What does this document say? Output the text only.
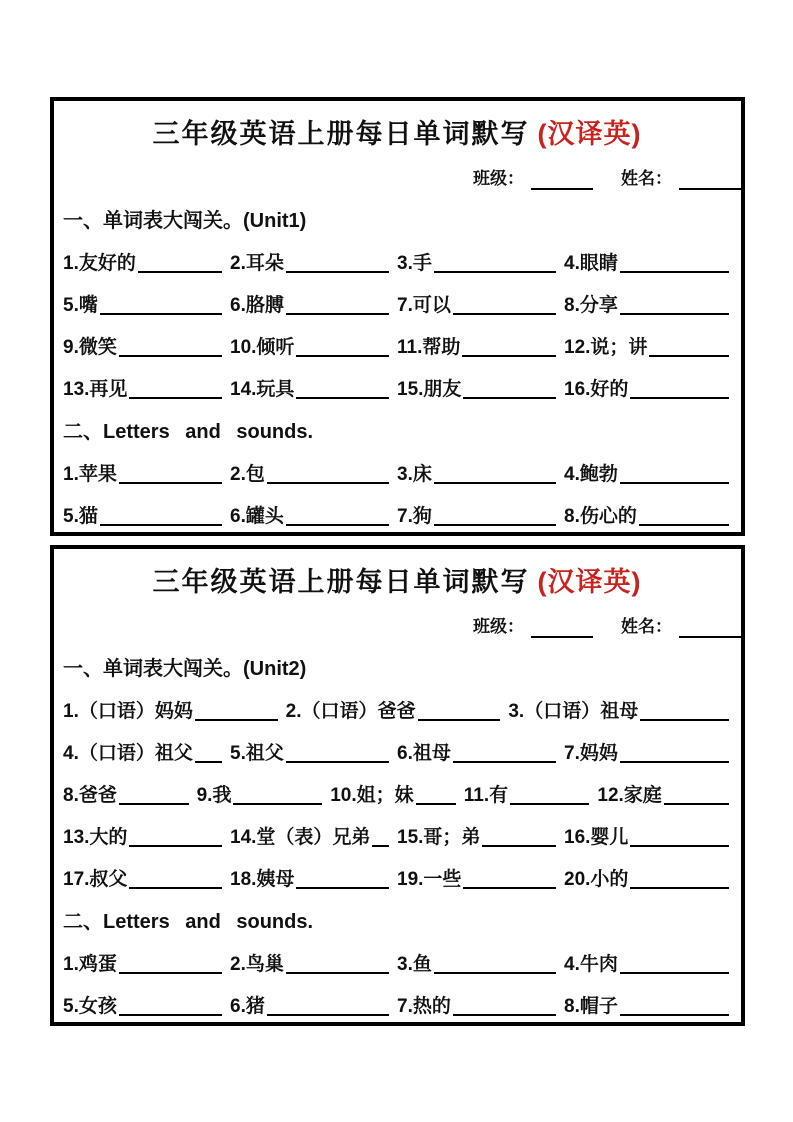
三年级英语上册每日单词默写 (汉译英)
班级：	姓名：
一、单词表大闯关。(Unit1)
1.友好的	2.耳朵	3.手	4.眼睛
5.嘴	6.胳膊	7.可以	8.分享
9.微笑	10.倾听	11.帮助	12.说；讲
13.再见	14.玩具	15.朋友	16.好的
二、Letters and sounds.
1.苹果	2.包	3.床	4.鲍勃
5.猫	6.罐头	7.狗	8.伤心的
三年级英语上册每日单词默写 (汉译英)
班级：	姓名：
一、单词表大闯关。(Unit2)
1.（口语）妈妈	2.（口语）爸爸	3.（口语）祖母
4.（口语）祖父 5.祖父	6.祖母	7.妈妈
8.爸爸	9.我	10.姐；妹	11.有	12.家庭
13.大的	14.堂（表）兄弟 15.哥；弟	16.婴儿
17.叔父	18.姨母	19.一些	20.小的
二、Letters and sounds.
1.鸡蛋	2.鸟巢	3.鱼	4.牛肉
5.女孩	6.猪	7.热的	8.帽子
